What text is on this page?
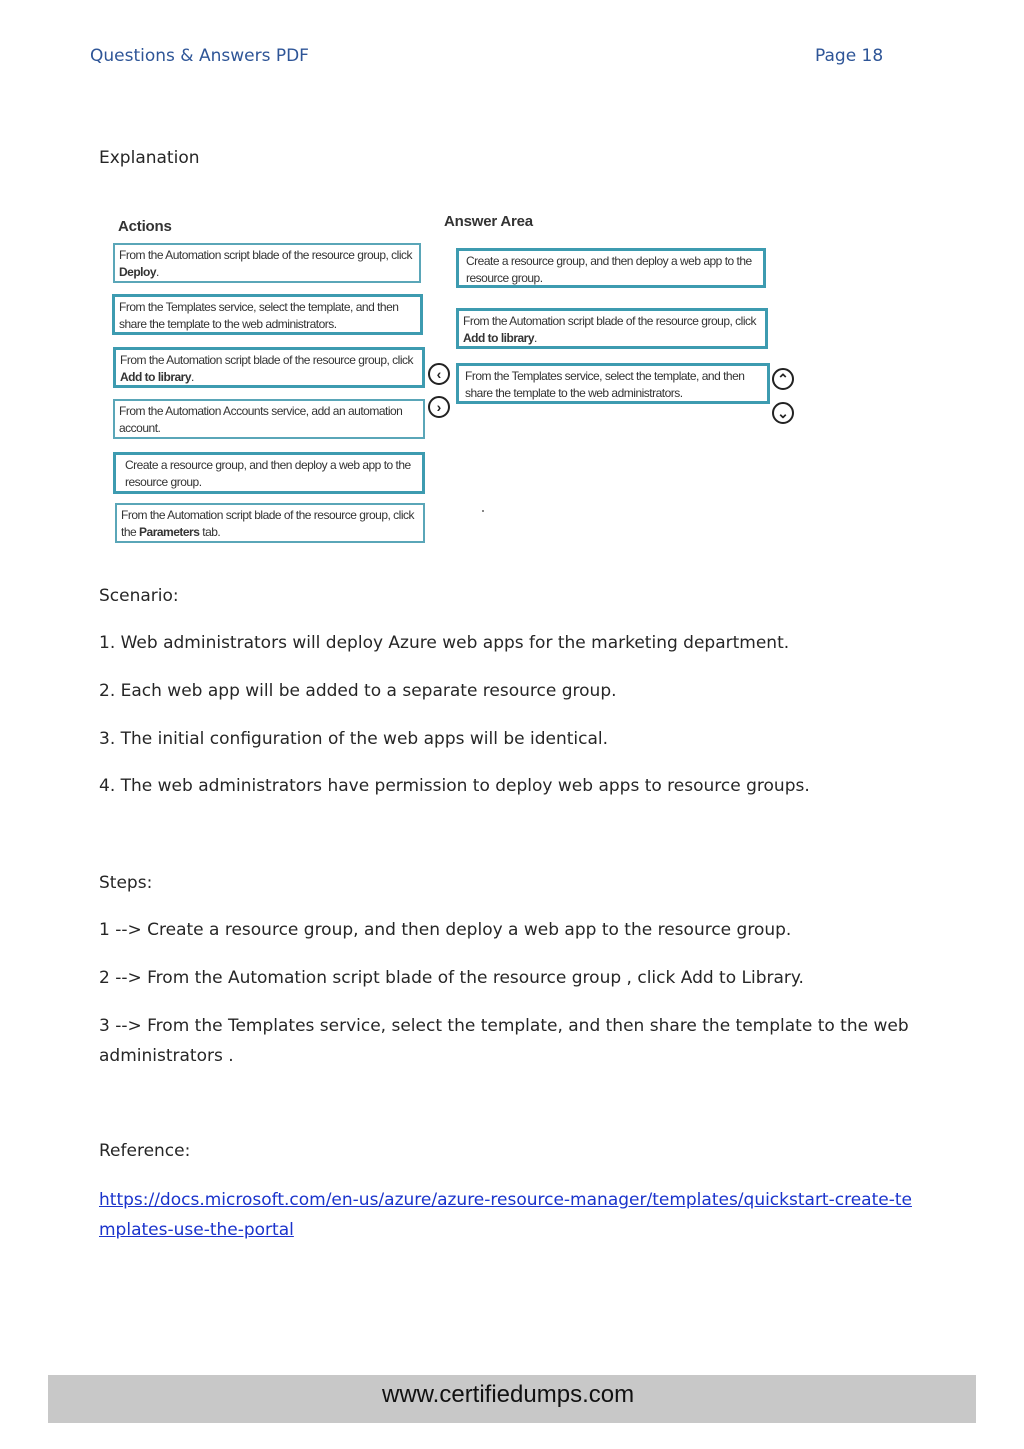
Questions & Answers PDF	Page 18

Explanation

Actions	Answer Area
From the Automation script blade of the resource group, click Deploy.
From the Templates service, select the template, and then share the template to the web administrators.
From the Automation script blade of the resource group, click Add to library.
From the Automation Accounts service, add an automation account.
Create a resource group, and then deploy a web app to the resource group.
From the Automation script blade of the resource group, click the Parameters tab.
‹
›
Create a resource group, and then deploy a web app to the resource group.
From the Automation script blade of the resource group, click Add to library.
From the Templates service, select the template, and then share the template to the web administrators.
⌃
⌄

Scenario:

1. Web administrators will deploy Azure web apps for the marketing department.

2. Each web app will be added to a separate resource group.

3. The initial configuration of the web apps will be identical.

4. The web administrators have permission to deploy web apps to resource groups.

Steps:

1 --> Create a resource group, and then deploy a web app to the resource group.

2 --> From the Automation script blade of the resource group , click Add to Library.

3 --> From the Templates service, select the template, and then share the template to the web administrators .

Reference:

https://docs.microsoft.com/en-us/azure/azure-resource-manager/templates/quickstart-create-templates-use-the-portal
www.certifiedumps.com
